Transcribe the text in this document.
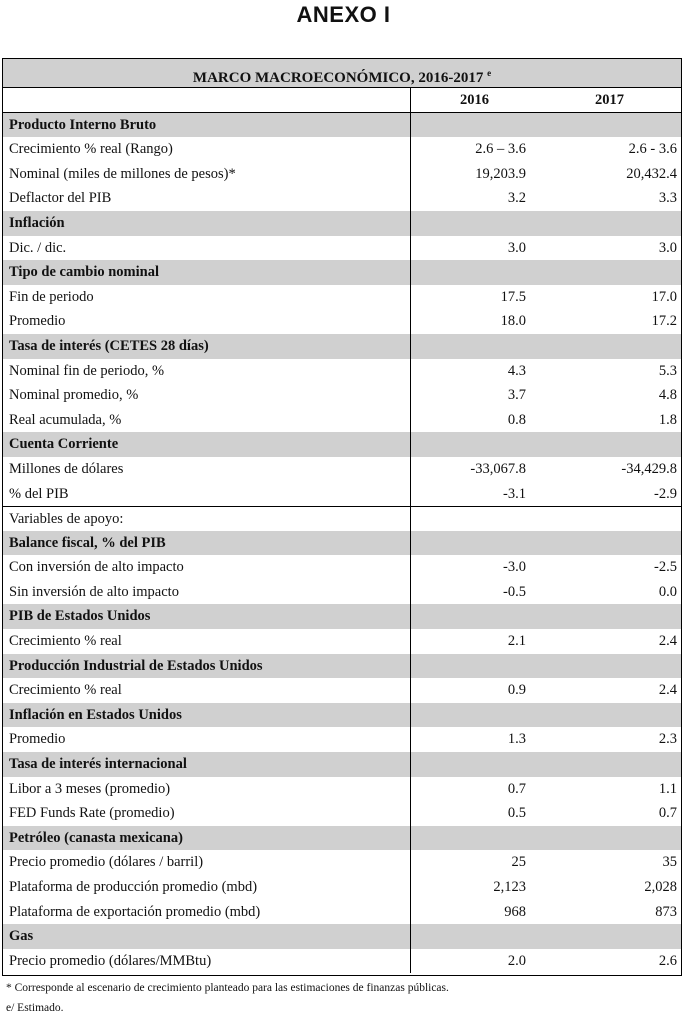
ANEXO I
MARCO MACROECONÓMICO, 2016-2017 $^e$
2016	2017
Producto Interno Bruto
Crecimiento % real (Rango)	2.6 – 3.6	2.6 - 3.6
Nominal (miles de millones de pesos)*	19,203.9	20,432.4
Deflactor del PIB	3.2	3.3
Inflación
Dic. / dic.	3.0	3.0
Tipo de cambio nominal
Fin de periodo	17.5	17.0
Promedio	18.0	17.2
Tasa de interés (CETES 28 días)
Nominal fin de periodo, %	4.3	5.3
Nominal promedio, %	3.7	4.8
Real acumulada, %	0.8	1.8
Cuenta Corriente
Millones de dólares	-33,067.8	-34,429.8
% del PIB	-3.1	-2.9
Variables de apoyo:
Balance fiscal, % del PIB
Con inversión de alto impacto	-3.0	-2.5
Sin inversión de alto impacto	-0.5	0.0
PIB de Estados Unidos
Crecimiento % real	2.1	2.4
Producción Industrial de Estados Unidos
Crecimiento % real	0.9	2.4
Inflación en Estados Unidos
Promedio	1.3	2.3
Tasa de interés internacional
Libor a 3 meses (promedio)	0.7	1.1
FED Funds Rate (promedio)	0.5	0.7
Petróleo (canasta mexicana)
Precio promedio (dólares / barril)	25	35
Plataforma de producción promedio (mbd)	2,123	2,028
Plataforma de exportación promedio (mbd)	968	873
Gas
Precio promedio (dólares/MMBtu)	2.0	2.6
* Corresponde al escenario de crecimiento planteado para las estimaciones de finanzas públicas.
e/ Estimado.
